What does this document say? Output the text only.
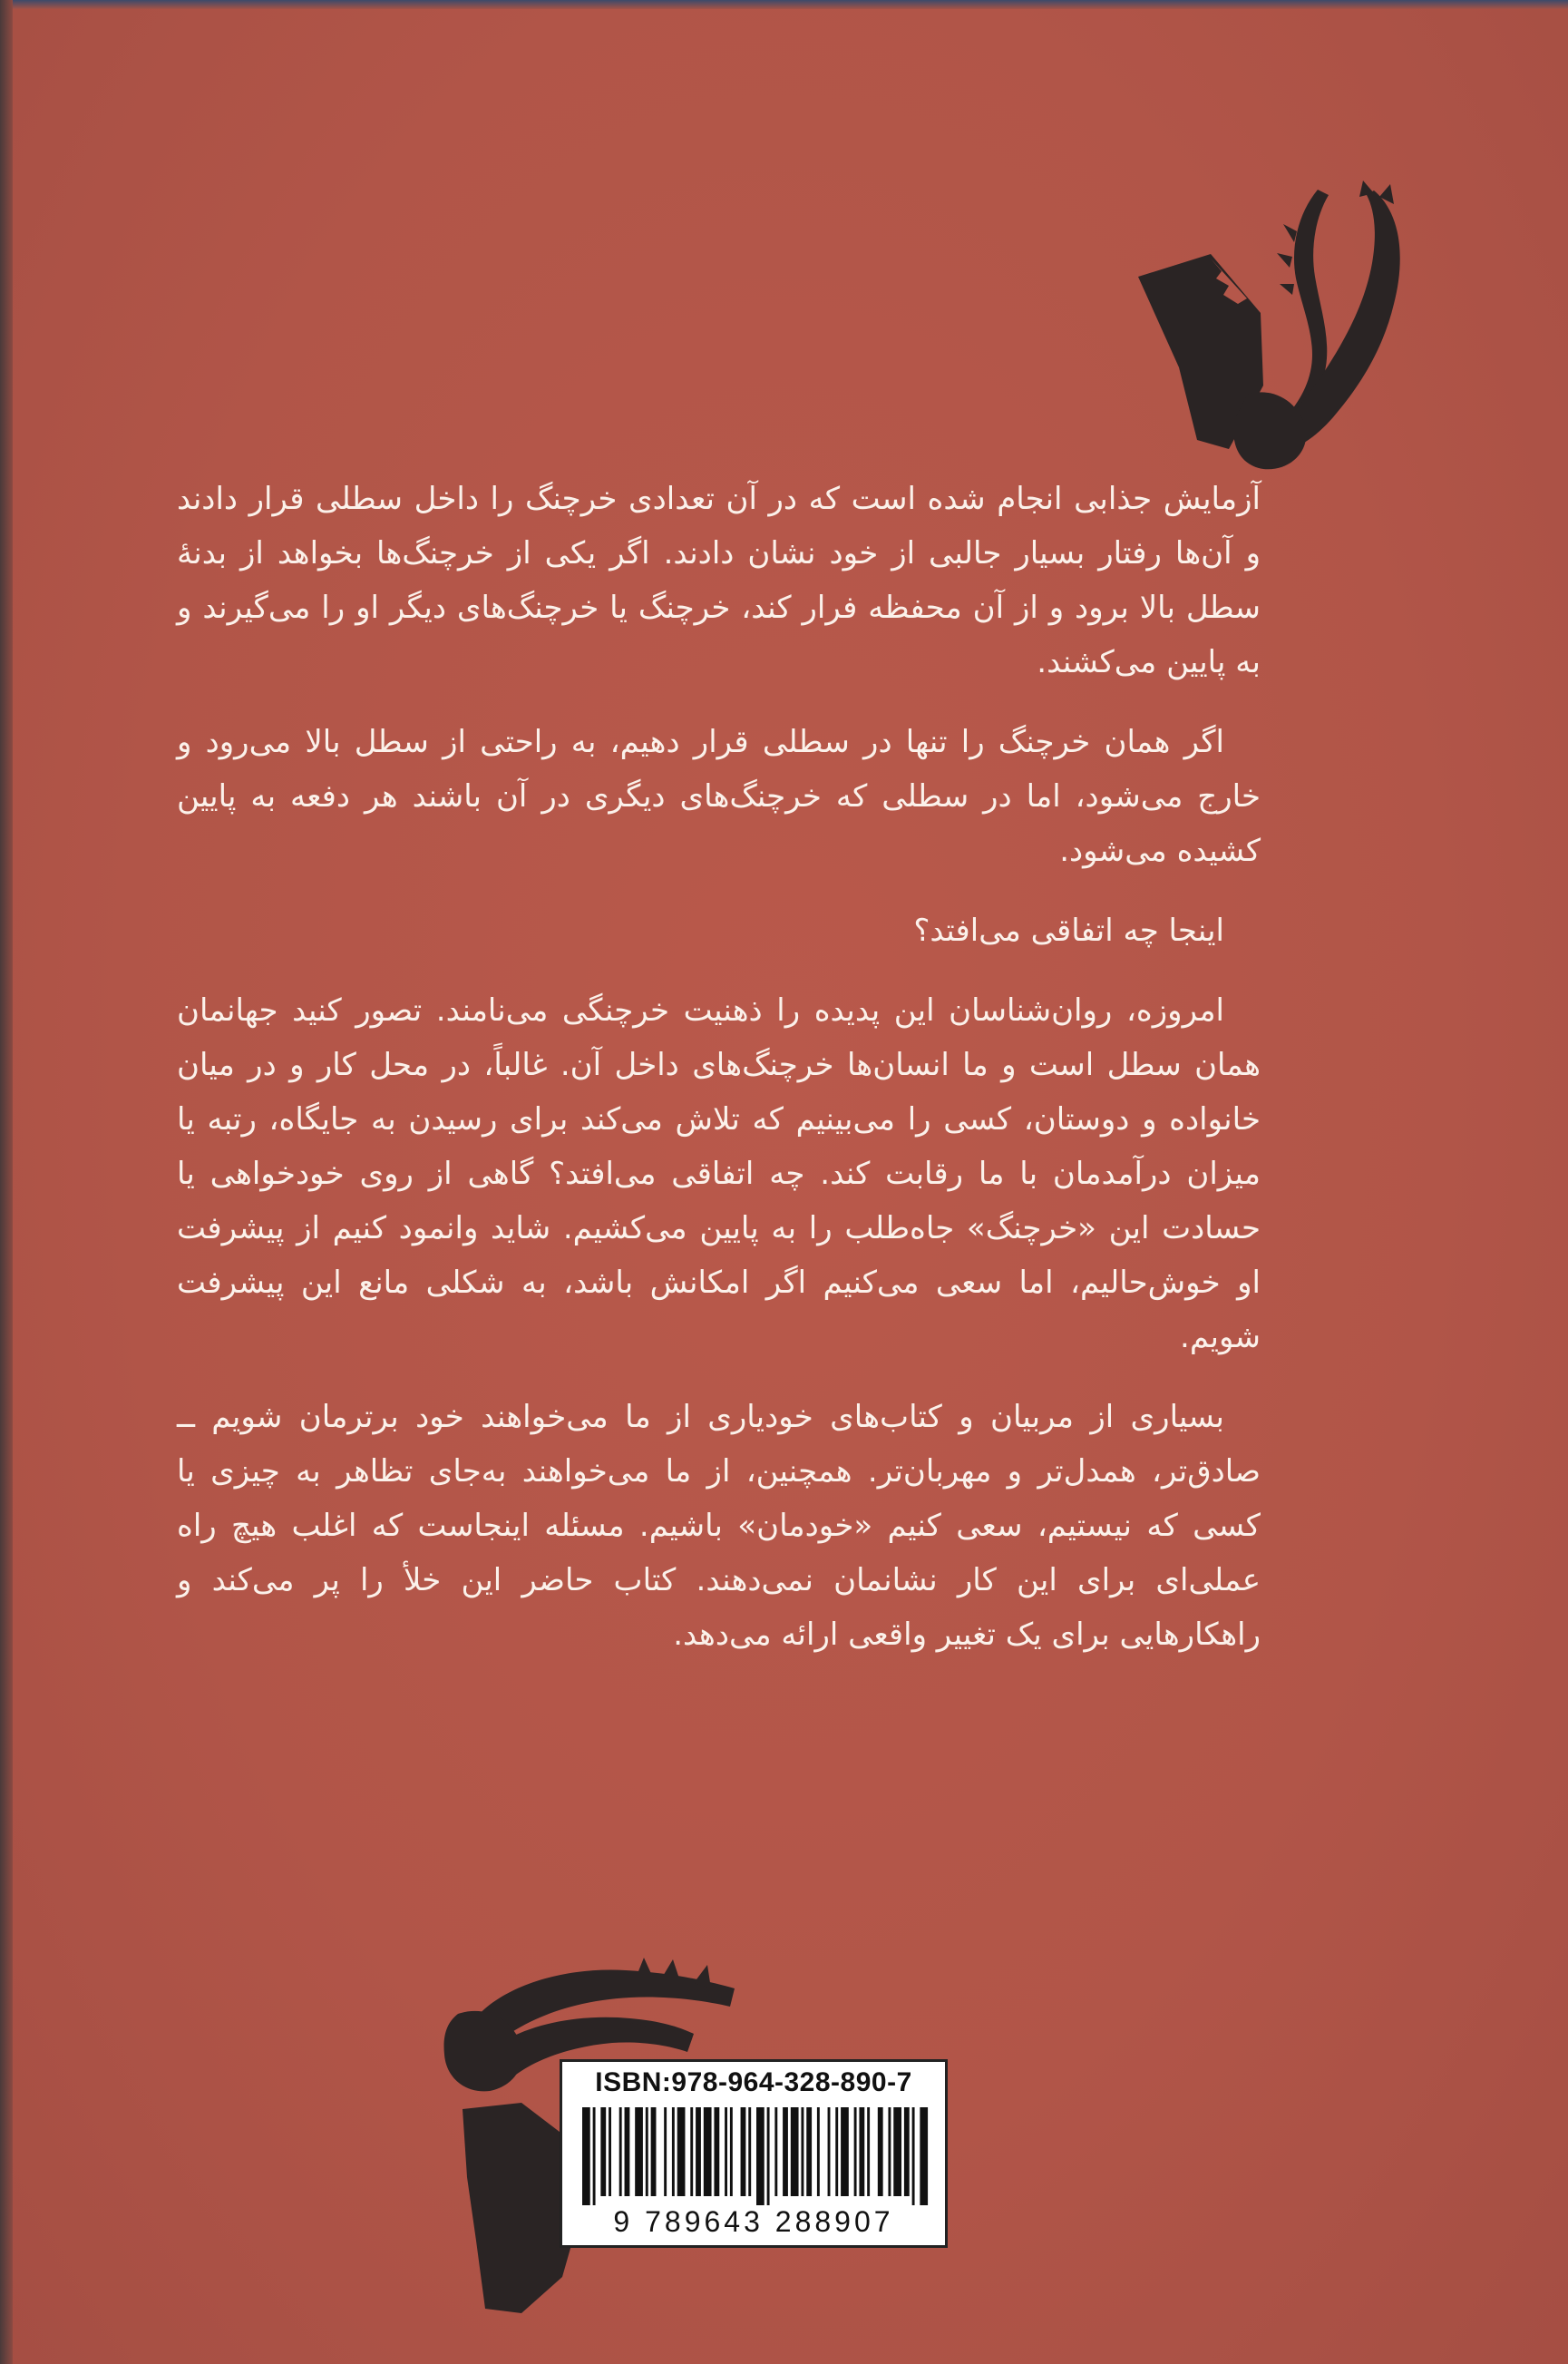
آزمایش جذابی انجام شده است که در آن تعدادی خرچنگ را داخل سطلی قرار دادند و آن‌ها رفتار بسیار جالبی از خود نشان دادند. اگر یکی از خرچنگ‌ها بخواهد از بدنهٔ سطل بالا برود و از آن محفظه فرار کند، خرچنگ یا خرچنگ‌های دیگر او را می‌گیرند و به پایین می‌کشند.

اگر همان خرچنگ را تنها در سطلی قرار دهیم، به راحتی از سطل بالا می‌رود و خارج می‌شود، اما در سطلی که خرچنگ‌های دیگری در آن باشند هر دفعه به پایین کشیده می‌شود.

اینجا چه اتفاقی می‌افتد؟

امروزه، روان‌شناسان این پدیده را ذهنیت خرچنگی می‌نامند. تصور کنید جهانمان همان سطل است و ما انسان‌ها خرچنگ‌های داخل آن. غالباً، در محل کار و در میان خانواده و دوستان، کسی را می‌بینیم که تلاش می‌کند برای رسیدن به جایگاه، رتبه یا میزان درآمدمان با ما رقابت کند. چه اتفاقی می‌افتد؟ گاهی از روی خودخواهی یا حسادت این «خرچنگ» جاه‌طلب را به پایین می‌کشیم. شاید وانمود کنیم از پیشرفت او خوش‌حالیم، اما سعی می‌کنیم اگر امکانش باشد، به شکلی مانع این پیشرفت شویم.

بسیاری از مربیان و کتاب‌های خودیاری از ما می‌خواهند خود برترمان شویم ــ صادق‌تر، همدل‌تر و مهربان‌تر. همچنین، از ما می‌خواهند به‌جای تظاهر به چیزی یا کسی که نیستیم، سعی کنیم «خودمان» باشیم. مسئله اینجاست که اغلب هیچ راه عملی‌ای برای این کار نشانمان نمی‌دهند. کتاب حاضر این خلأ را پر می‌کند و راهکارهایی برای یک تغییر واقعی ارائه می‌دهد.

ISBN:978-964-328-890-7
9 789643 288907
